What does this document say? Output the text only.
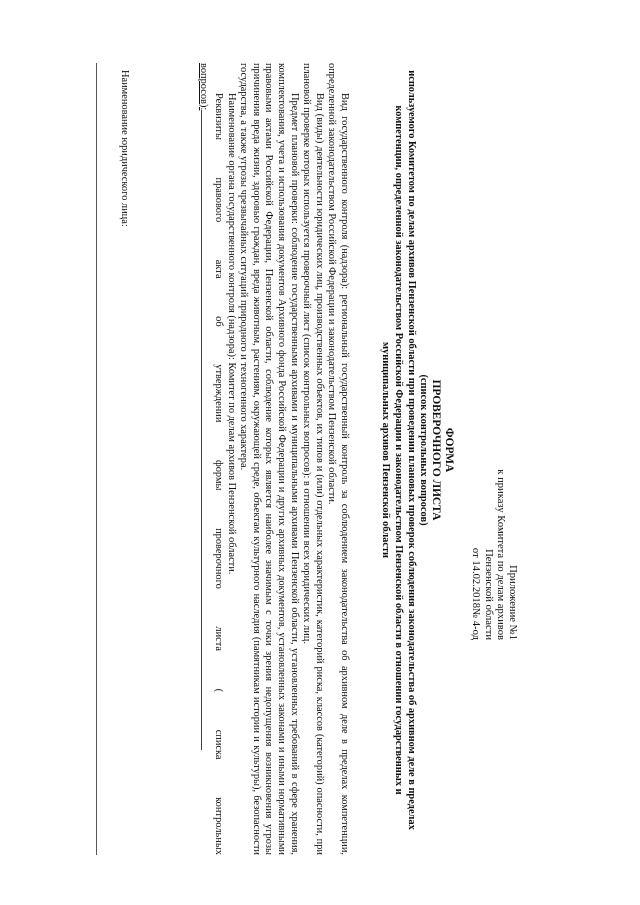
Приложение №1
к приказу Комитета по делам архивов
Пензенской области
от 14.02.2018№ 4-од
ФОРМА
ПРОВЕРОЧНОГО ЛИСТА
(список контрольных вопросов)
используемого Комитетом по делам архивов Пензенской области при проведении плановых проверок соблюдения законодательства об архивном деле в пределах компетенции, определенной законодательством Российской Федерации и законодательством Пензенской области в отношении государственных и муниципальных архивов Пензенской области

Вид государственного контроля (надзора): региональный государственный контроль за соблюдением законодательства об архивном деле в пределах компетенции, определенной законодательством Российской Федерации и законодательством Пензенской области.

Вид (виды) деятельности юридических лиц, производственных объектов, их типов и (или) отдельных характеристик, категорий риска, классов (категорий) опасности, при плановой проверке которых используется проверочный лист (список контрольных вопросов): в отношении всех юридических лиц.

Предмет плановой проверки: соблюдение государственными архивами и муниципальными архивами Пензенской области, установленных требований в сфере хранения, комплектования, учета и использования документов Архивного фонда Российской Федерации и других архивных документов, установленных законами и иными нормативными правовыми актами Российской Федерации, Пензенской области, соблюдение которых является наиболее значимым с точки зрения недопущения возникновения угрозы причинения вреда жизни, здоровью граждан, вреда животным, растениям, окружающей среде, объектам культурного наследия (памятникам истории и культуры), безопасности государства, а также угрозы чрезвычайных ситуаций природного и техногенного характера.

Наименование органа государственного контроля (надзора): Комитет по делам архивов Пензенской области.

Реквизиты правового акта об утверждении формы проверочного листа ( списка контрольных

вопросов):

Наименование юридического лица:
